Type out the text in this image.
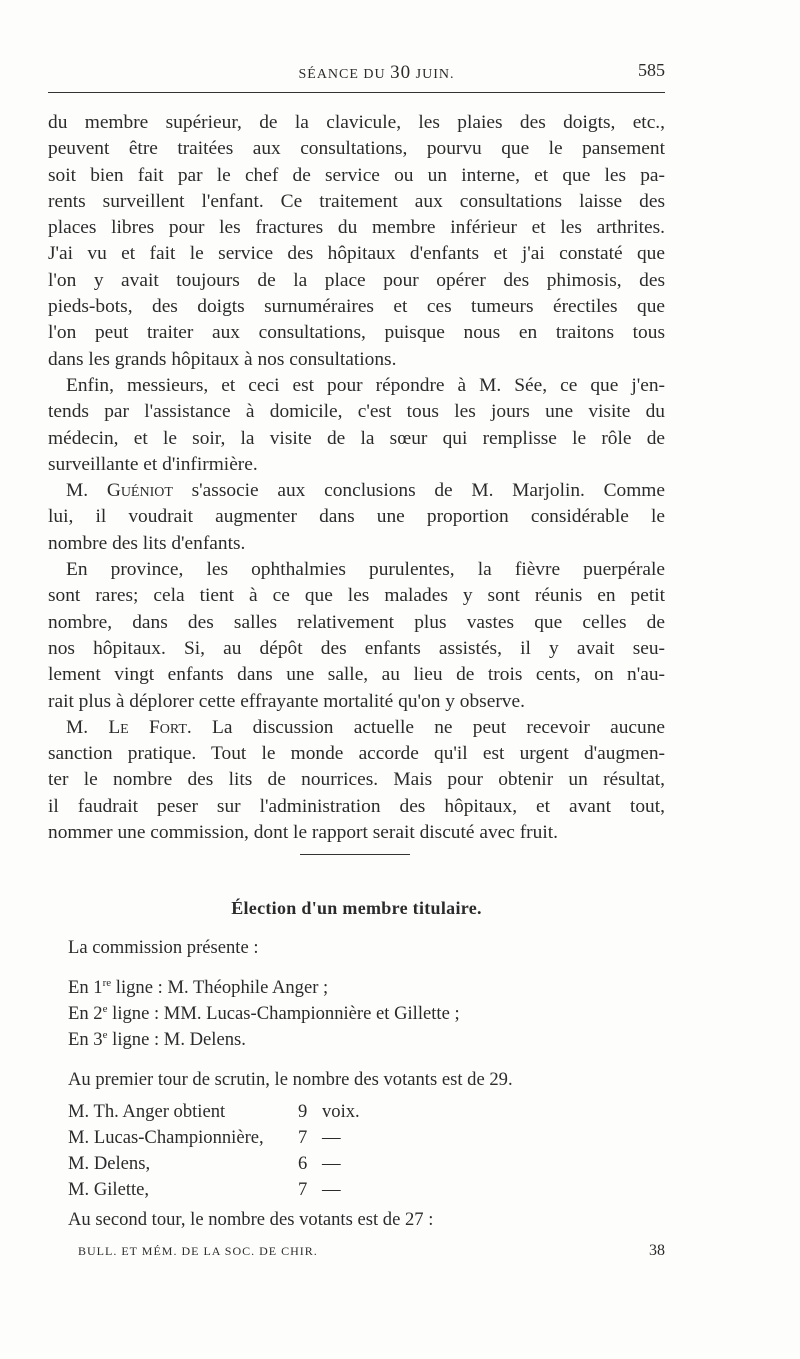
SÉANCE DU 30 JUIN.	585
du membre supérieur, de la clavicule, les plaies des doigts, etc.,
peuvent être traitées aux consultations, pourvu que le pansement
soit bien fait par le chef de service ou un interne, et que les pa-
rents surveillent l'enfant. Ce traitement aux consultations laisse des
places libres pour les fractures du membre inférieur et les arthrites.
J'ai vu et fait le service des hôpitaux d'enfants et j'ai constaté que
l'on y avait toujours de la place pour opérer des phimosis, des
pieds-bots, des doigts surnuméraires et ces tumeurs érectiles que
l'on peut traiter aux consultations, puisque nous en traitons tous
dans les grands hôpitaux à nos consultations.
Enfin, messieurs, et ceci est pour répondre à M. Sée, ce que j'en-
tends par l'assistance à domicile, c'est tous les jours une visite du
médecin, et le soir, la visite de la sœur qui remplisse le rôle de
surveillante et d'infirmière.
M. Guéniot s'associe aux conclusions de M. Marjolin. Comme
lui, il voudrait augmenter dans une proportion considérable le
nombre des lits d'enfants.
En province, les ophthalmies purulentes, la fièvre puerpérale
sont rares; cela tient à ce que les malades y sont réunis en petit
nombre, dans des salles relativement plus vastes que celles de
nos hôpitaux. Si, au dépôt des enfants assistés, il y avait seu-
lement vingt enfants dans une salle, au lieu de trois cents, on n'au-
rait plus à déplorer cette effrayante mortalité qu'on y observe.
M. Le Fort. La discussion actuelle ne peut recevoir aucune
sanction pratique. Tout le monde accorde qu'il est urgent d'augmen-
ter le nombre des lits de nourrices. Mais pour obtenir un résultat,
il faudrait peser sur l'administration des hôpitaux, et avant tout,
nommer une commission, dont le rapport serait discuté avec fruit.
Élection d'un membre titulaire.
La commission présente :
En 1re ligne : M. Théophile Anger ;
En 2e ligne : MM. Lucas-Championnière et Gillette ;
En 3e ligne : M. Delens.
Au premier tour de scrutin, le nombre des votants est de 29.
M. Th. Anger obtient	9 voix.
M. Lucas-Championnière, 7 —
M. Delens,	6 —
M. Gilette,	7 —
Au second tour, le nombre des votants est de 27 :
BULL. ET MÉM. DE LA SOC. DE CHIR.	38
